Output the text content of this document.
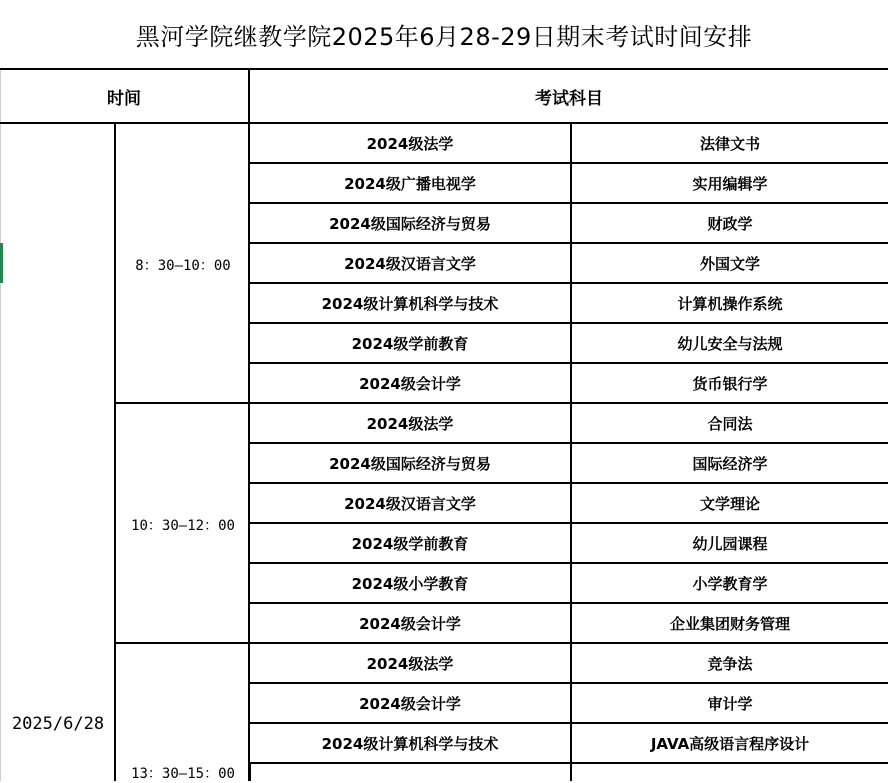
黑河学院继教学院2025年6月28-29日期末考试时间安排
时间	考试科目
2025/6/28
8：30—10：00
2024级法学	法律文书
2024级广播电视学	实用编辑学
2024级国际经济与贸易	财政学
2024级汉语言文学	外国文学
2024级计算机科学与技术	计算机操作系统
2024级学前教育	幼儿安全与法规
2024级会计学	货币银行学
10：30—12：00
2024级法学	合同法
2024级国际经济与贸易	国际经济学
2024级汉语言文学	文学理论
2024级学前教育	幼儿园课程
2024级小学教育	小学教育学
2024级会计学	企业集团财务管理
13：30—15：00
2024级法学	竞争法
2024级会计学	审计学
2024级计算机科学与技术	JAVA高级语言程序设计
